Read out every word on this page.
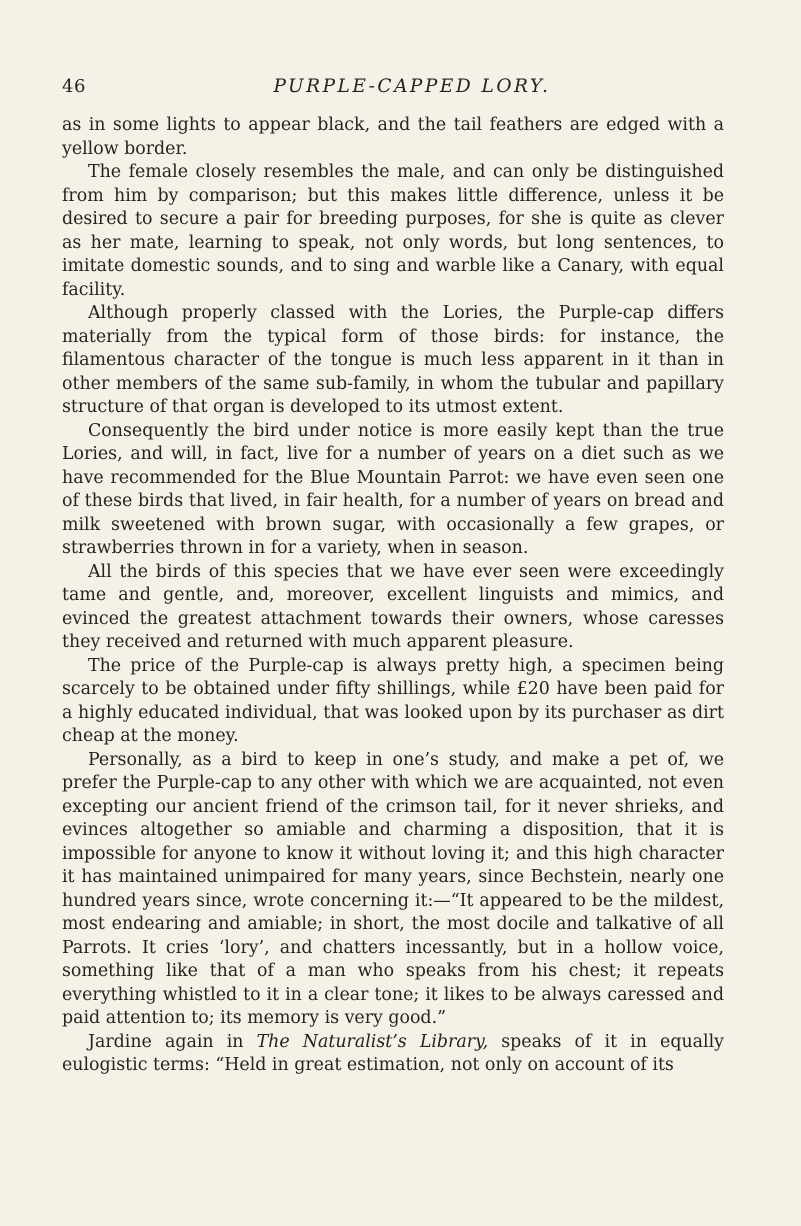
46	PURPLE-CAPPED LORY.

as in some lights to appear black, and the tail feathers are edged with a yellow border.

The female closely resembles the male, and can only be distinguished from him by comparison; but this makes little difference, unless it be desired to secure a pair for breeding purposes, for she is quite as clever as her mate, learning to speak, not only words, but long sentences, to imitate domestic sounds, and to sing and warble like a Canary, with equal facility.

Although properly classed with the Lories, the Purple-cap differs materially from the typical form of those birds: for instance, the filamentous character of the tongue is much less apparent in it than in other members of the same sub-family, in whom the tubular and papillary structure of that organ is developed to its utmost extent.

Consequently the bird under notice is more easily kept than the true Lories, and will, in fact, live for a number of years on a diet such as we have recommended for the Blue Mountain Parrot: we have even seen one of these birds that lived, in fair health, for a number of years on bread and milk sweetened with brown sugar, with occasionally a few grapes, or strawberries thrown in for a variety, when in season.

All the birds of this species that we have ever seen were exceedingly tame and gentle, and, moreover, excellent linguists and mimics, and evinced the greatest attachment towards their owners, whose caresses they received and returned with much apparent pleasure.

The price of the Purple-cap is always pretty high, a specimen being scarcely to be obtained under fifty shillings, while £20 have been paid for a highly educated individual, that was looked upon by its purchaser as dirt cheap at the money.

Personally, as a bird to keep in one’s study, and make a pet of, we prefer the Purple-cap to any other with which we are acquainted, not even excepting our ancient friend of the crimson tail, for it never shrieks, and evinces altogether so amiable and charming a disposition, that it is impossible for anyone to know it without loving it; and this high character it has maintained unimpaired for many years, since Bechstein, nearly one hundred years since, wrote concerning it:—“It appeared to be the mildest, most endearing and amiable; in short, the most docile and talkative of all Parrots. It cries ‘lory’, and chatters incessantly, but in a hollow voice, something like that of a man who speaks from his chest; it repeats everything whistled to it in a clear tone; it likes to be always caressed and paid attention to; its memory is very good.”

Jardine again in The Naturalist’s Library, speaks of it in equally eulogistic terms: “Held in great estimation, not only on account of its
